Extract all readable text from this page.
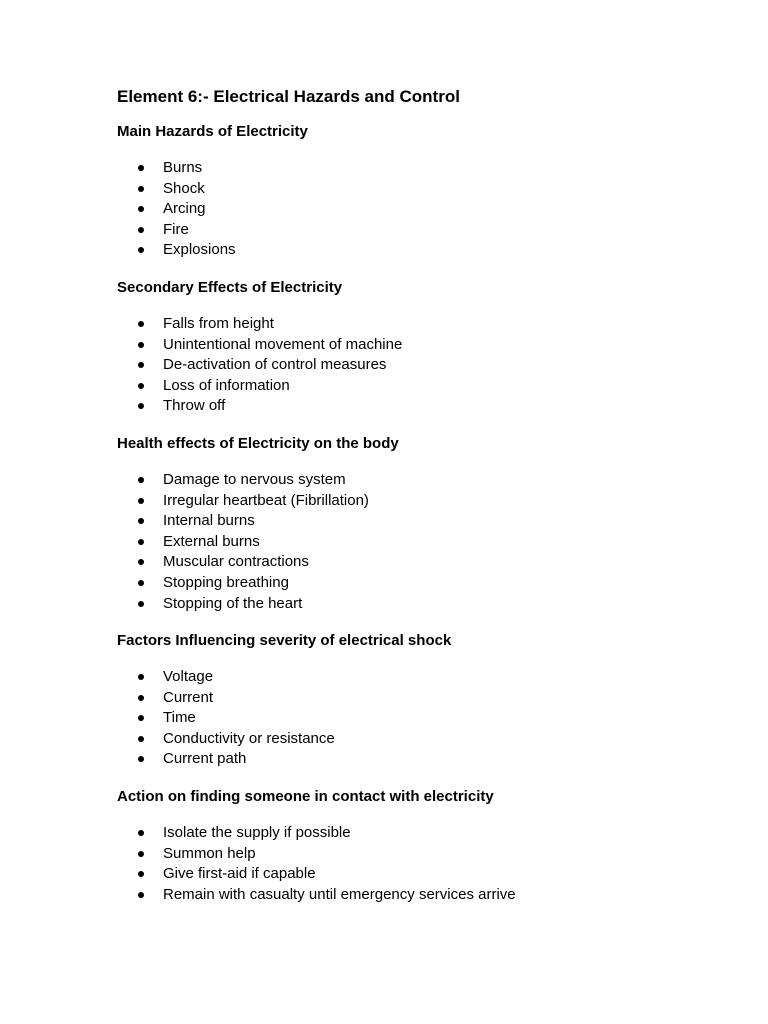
Element 6:- Electrical Hazards and Control
Main Hazards of Electricity
Burns
Shock
Arcing
Fire
Explosions
Secondary Effects of Electricity
Falls from height
Unintentional movement of machine
De-activation of control measures
Loss of information
Throw off
Health effects of Electricity on the body
Damage to nervous system
Irregular heartbeat (Fibrillation)
Internal burns
External burns
Muscular contractions
Stopping breathing
Stopping of the heart
Factors Influencing severity of electrical shock
Voltage
Current
Time
Conductivity or resistance
Current path
Action on finding someone in contact with electricity
Isolate the supply if possible
Summon help
Give first-aid if capable
Remain with casualty until emergency services arrive
